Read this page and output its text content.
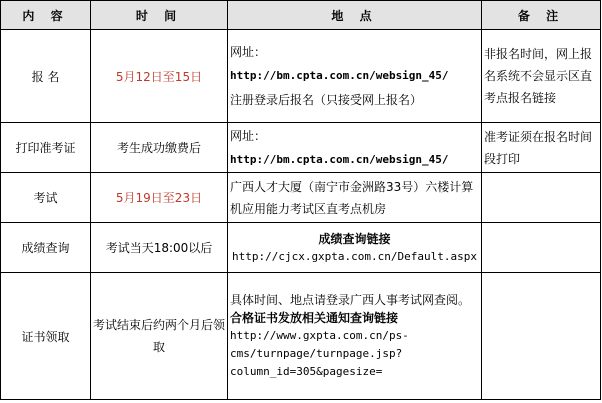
内 容	时 间	地 点	备 注
报 名	5月12日至15日	网址：
http://bm.cpta.com.cn/websign_45/
注册登录后报名（只接受网上报名）	非报名时间，网上报名系统不会显示区直考点报名链接

打印准考证	考生成功缴费后	网址：
http://bm.cpta.com.cn/websign_45/	准考证须在报名时间段打印

考试	5月19日至23日	广西人才大厦（南宁市金洲路33号）六楼计算机应用能力考试区直考点机房	

成绩查询	考试当天18:00以后	成绩查询链接
http://cjcx.gxpta.com.cn/Default.aspx	

证书领取	考试结束后约两个月后领取	具体时间、地点请登录广西人事考试网查阅。
合格证书发放相关通知查询链接
http://www.gxpta.com.cn/ps-
cms/turnpage/turnpage.jsp?
column_id=305&pagesize=	
